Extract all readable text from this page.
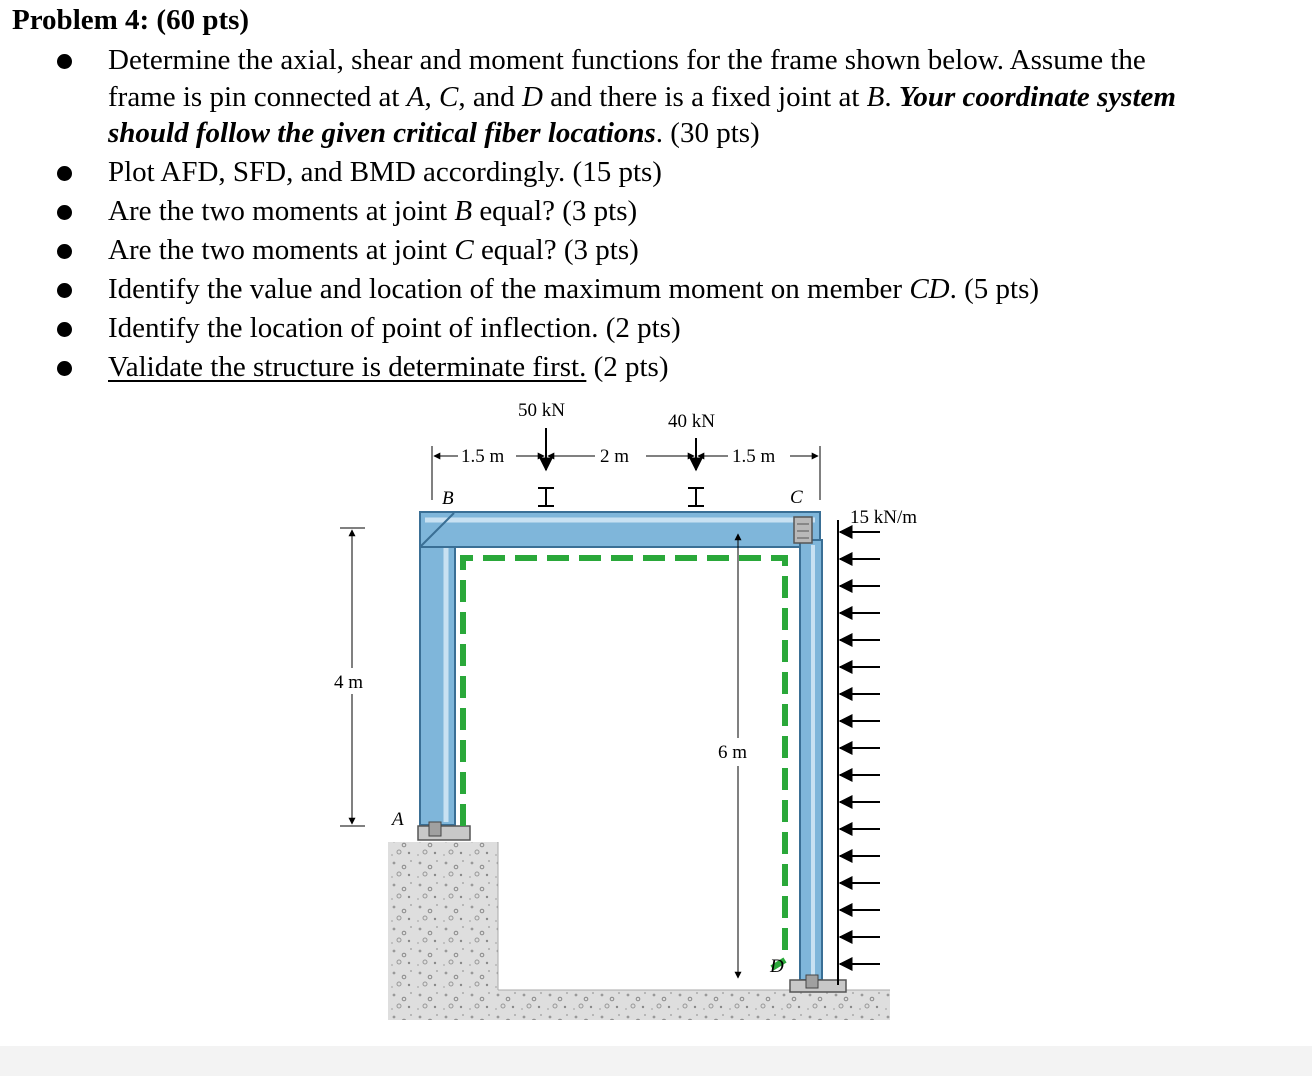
Problem 4: (60 pts)
Determine the axial, shear and moment functions for the frame shown below. Assume the
frame is pin connected at A, C, and D and there is a fixed joint at B. Your coordinate system
should follow the given critical fiber locations. (30 pts)
Plot AFD, SFD, and BMD accordingly. (15 pts)
Are the two moments at joint B equal? (3 pts)
Are the two moments at joint C equal? (3 pts)
Identify the value and location of the maximum moment on member CD. (5 pts)
Identify the location of point of inflection. (2 pts)
Validate the structure is determinate first. (2 pts)
50 kN
40 kN
1.5 m	2 m	1.5 m
B	C
A
D
4 m
6 m
15 kN/m
